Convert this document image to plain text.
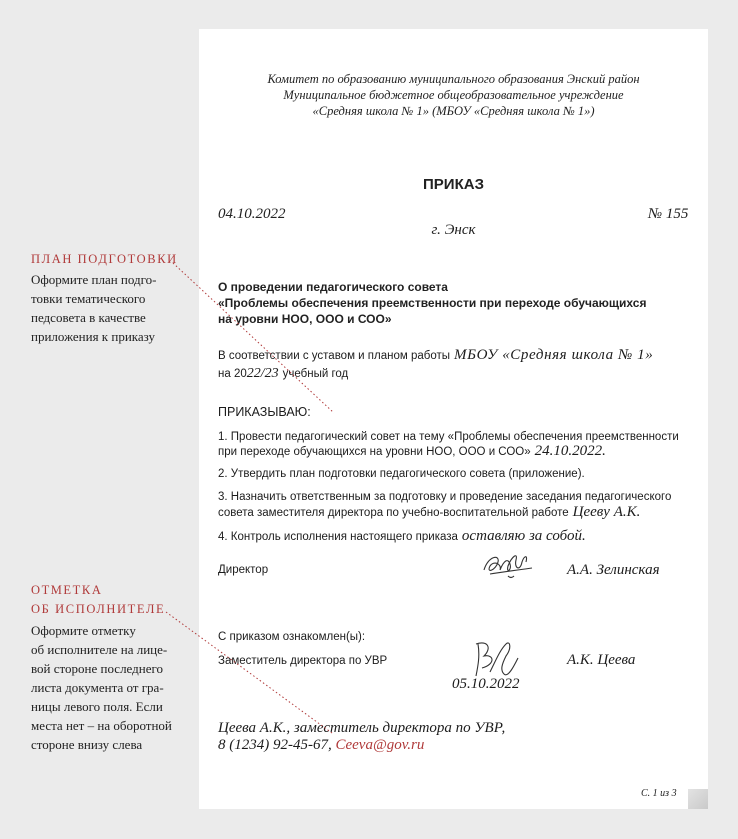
Комитет по образованию муниципального образования Энский район
Муниципальное бюджетное общеобразовательное учреждение
«Средняя школа № 1» (МБОУ «Средняя школа № 1»)
ПРИКАЗ
04.10.2022	№ 155
г. Энск
О проведении педагогического совета
«Проблемы обеспечения преемственности при переходе обучающихся
на уровни НОО, ООО и СОО»
В соответствии с уставом и планом работы МБОУ «Средняя школа № 1»
на 2022/23 учебный год
ПРИКАЗЫВАЮ:
1. Провести педагогический совет на тему «Проблемы обеспечения преемственности
при переходе обучающихся на уровни НОО, ООО и СОО» 24.10.2022.
2. Утвердить план подготовки педагогического совета (приложение).
3. Назначить ответственным за подготовку и проведение заседания педагогического
совета заместителя директора по учебно-воспитательной работе Цееву А.К.
4. Контроль исполнения настоящего приказа оставляю за собой.
Директор	А.А. Зелинская
С приказом ознакомлен(ы):
Заместитель директора по УВР	А.К. Цеева
05.10.2022
Цеева А.К., заместитель директора по УВР,
8 (1234) 92-45-67, Ceeva@gov.ru
С. 1 из 3
ПЛАН ПОДГОТОВКИ
Оформите план подго-
товки тематического
педсовета в качестве
приложения к приказу
ОТМЕТКА
ОБ ИСПОЛНИТЕЛЕ
Оформите отметку
об исполнителе на лице-
вой стороне последнего
листа документа от гра-
ницы левого поля. Если
места нет – на оборотной
стороне внизу слева
